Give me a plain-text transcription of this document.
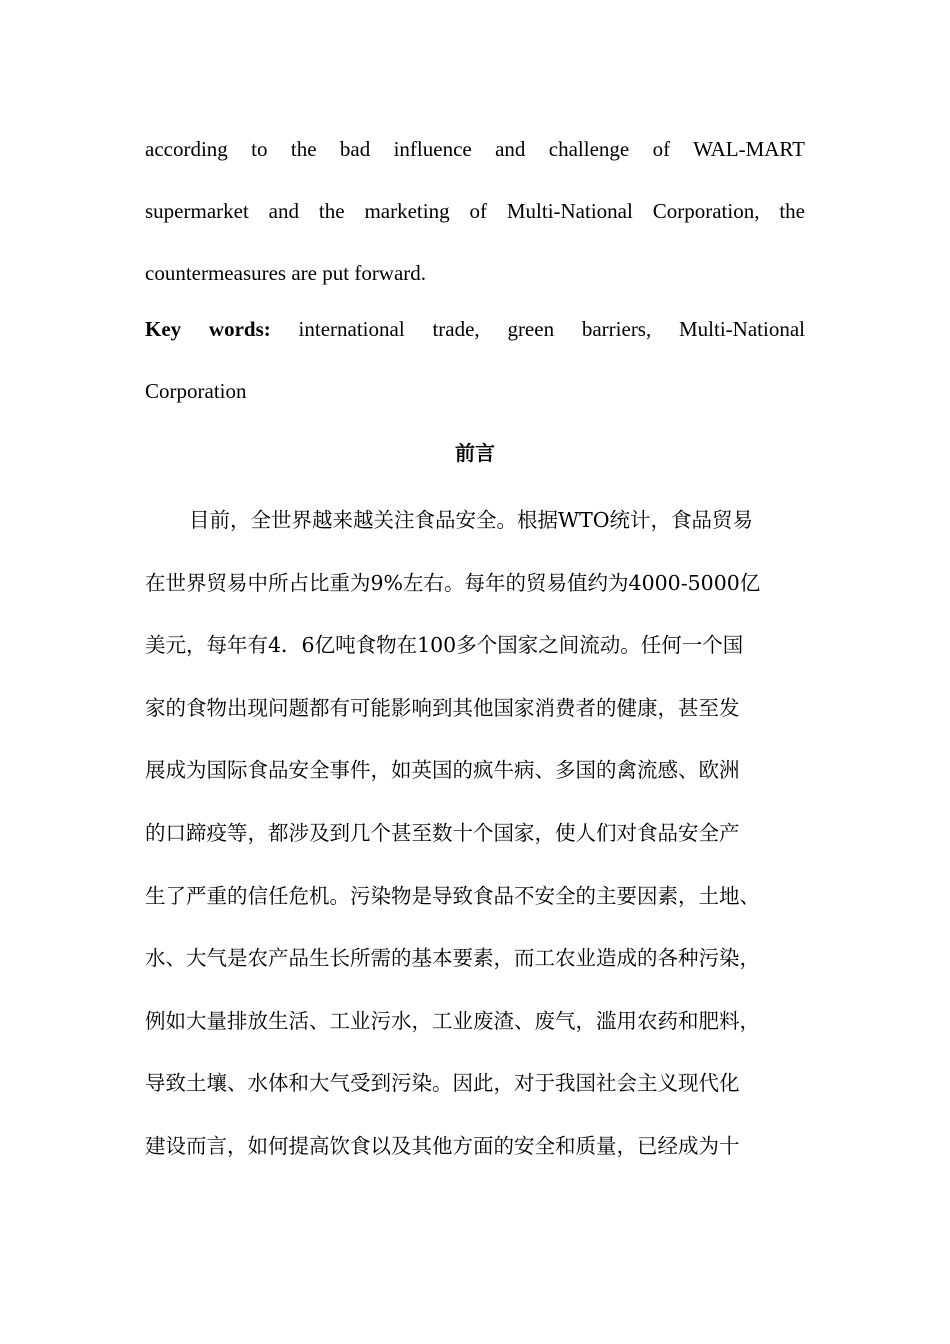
according to the bad influence and challenge of WAL-MART

supermarket and the marketing of Multi-National Corporation, the

countermeasures are put forward.

Key words: international trade, green barriers, Multi-National

Corporation

前言
目前，全世界越来越关注食品安全。根据WTO统计，食品贸易
在世界贸易中所占比重为9%左右。每年的贸易值约为4000-5000亿
美元，每年有4．6亿吨食物在100多个国家之间流动。任何一个国
家的食物出现问题都有可能影响到其他国家消费者的健康，甚至发
展成为国际食品安全事件，如英国的疯牛病、多国的禽流感、欧洲
的口蹄疫等，都涉及到几个甚至数十个国家，使人们对食品安全产
生了严重的信任危机。污染物是导致食品不安全的主要因素，土地、
水、大气是农产品生长所需的基本要素，而工农业造成的各种污染，
例如大量排放生活、工业污水，工业废渣、废气，滥用农药和肥料，
导致土壤、水体和大气受到污染。因此，对于我国社会主义现代化
建设而言，如何提高饮食以及其他方面的安全和质量，已经成为十
